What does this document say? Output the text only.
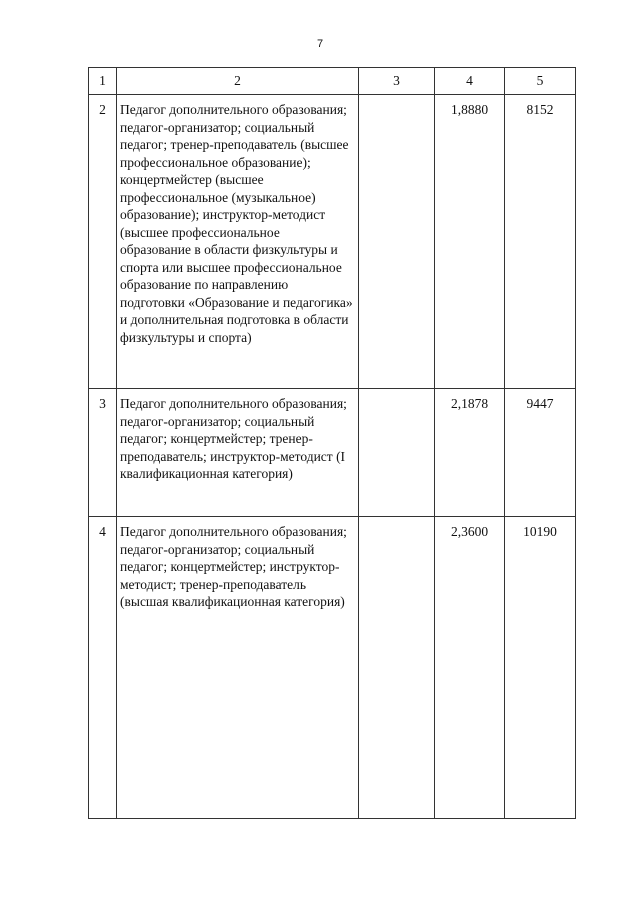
7
1	2	3	4	5
2	Педагог дополнительного образования; педагог-организатор; социальный педагог; тренер-преподаватель (высшее профессиональное образование); концертмейстер (высшее профессиональное (музыкальное) образование); инструктор-методист (высшее профессиональное образование в области физкультуры и спорта или высшее профессиональное образование по направлению подготовки «Образование и педагогика» и дополнительная подготовка в области физкультуры и спорта)		1,8880	8152
3	Педагог дополнительного образования; педагог-организатор; социальный педагог; концертмейстер; тренер-преподаватель; инструктор-методист (I квалификационная категория)		2,1878	9447
4	Педагог дополнительного образования; педагог-организатор; социальный педагог; концертмейстер; инструктор-методист; тренер-преподаватель (высшая квалификационная категория)		2,3600	10190
